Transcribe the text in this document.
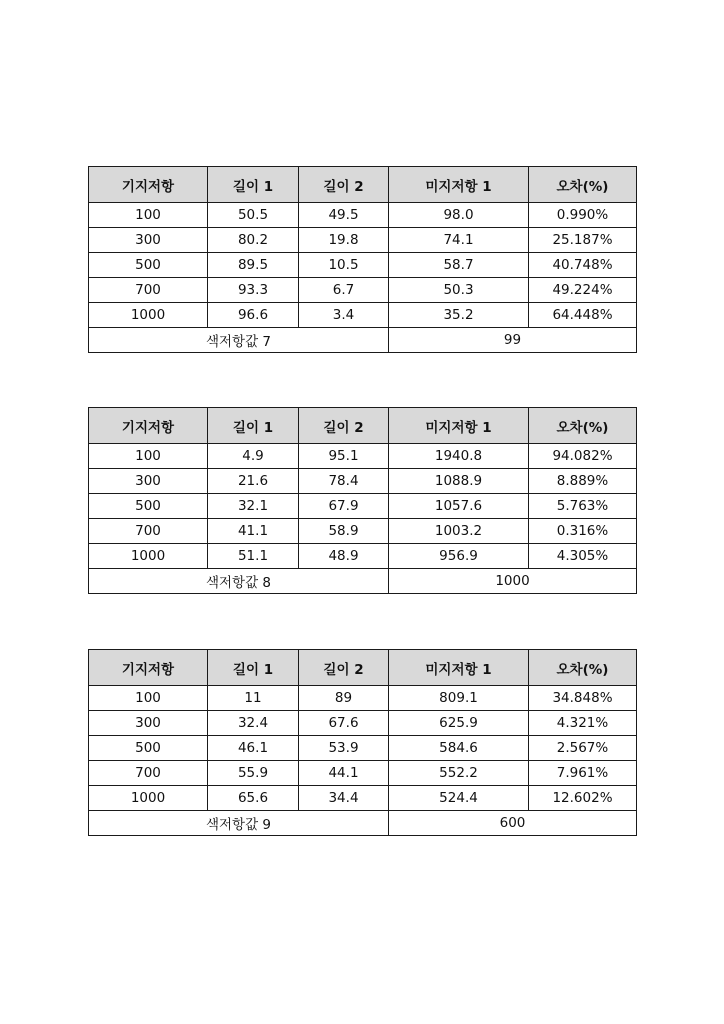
기지저항	길이 1	길이 2	미지저항 1	오차(%)
100	50.5	49.5	98.0	0.990%
300	80.2	19.8	74.1	25.187%
500	89.5	10.5	58.7	40.748%
700	93.3	6.7	50.3	49.224%
1000	96.6	3.4	35.2	64.448%
색저항값 7			99	
기지저항	길이 1	길이 2	미지저항 1	오차(%)
100	4.9	95.1	1940.8	94.082%
300	21.6	78.4	1088.9	8.889%
500	32.1	67.9	1057.6	5.763%
700	41.1	58.9	1003.2	0.316%
1000	51.1	48.9	956.9	4.305%
색저항값 8			1000	
기지저항	길이 1	길이 2	미지저항 1	오차(%)
100	11	89	809.1	34.848%
300	32.4	67.6	625.9	4.321%
500	46.1	53.9	584.6	2.567%
700	55.9	44.1	552.2	7.961%
1000	65.6	34.4	524.4	12.602%
색저항값 9			600	
